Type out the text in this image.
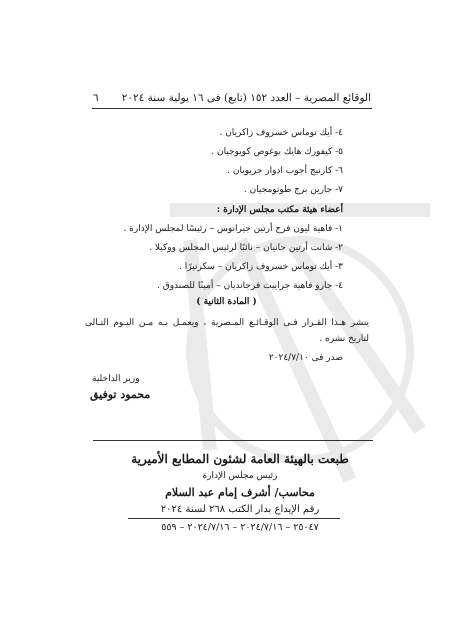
الوقائع المصرية – العدد ١٥٢ (تابع) فى ١٦ يولية سنة ٢٠٢٤
٦
٤- أيك توماس خسروف زاكريان .
٥- كيفورك هايك بوغوص كويوجيان .
٦- كارنيج أجوب ادوار جريويان .
٧- جارين برج طوتومجيان .
أعضاء هيئة مكتب مجلس الإدارة :
١- فاهية ليون فرج أرتين جيرانوس – رئيسًا لمجلس الإدارة .
٢- شانت أرتين جانيان – نائبًا لرئيس المجلس ووكيلا .
٣- أيك توماس خسروف زاكريان – سكرتيرًا .
٤- جارو فاهية جراييت فرجانديان – أمينًا للصندوق .
( المادة الثانية )
ينشر هـذا القـرار فـى الوقـائـع المـصرية ، ويعمـل بـه مـن اليـوم التـالى
لتاريخ نشره .
صدر فى ٢٠٢٤/٧/١٠
وزير الداخلية
محمود توفيق
طبعت بالهيئة العامة لشئون المطابع الأميرية
رئيس مجلس الإدارة
محاسب/ أشرف إمام عبد السلام
رقم الإيداع بدار الكتب ٢٦٨ لسنة ٢٠٢٤
٢٥٠٤٧ – ٢٠٢٤/٧/١٦ – ٢٠٢٤/٧/١٦ – ٥٥٩
